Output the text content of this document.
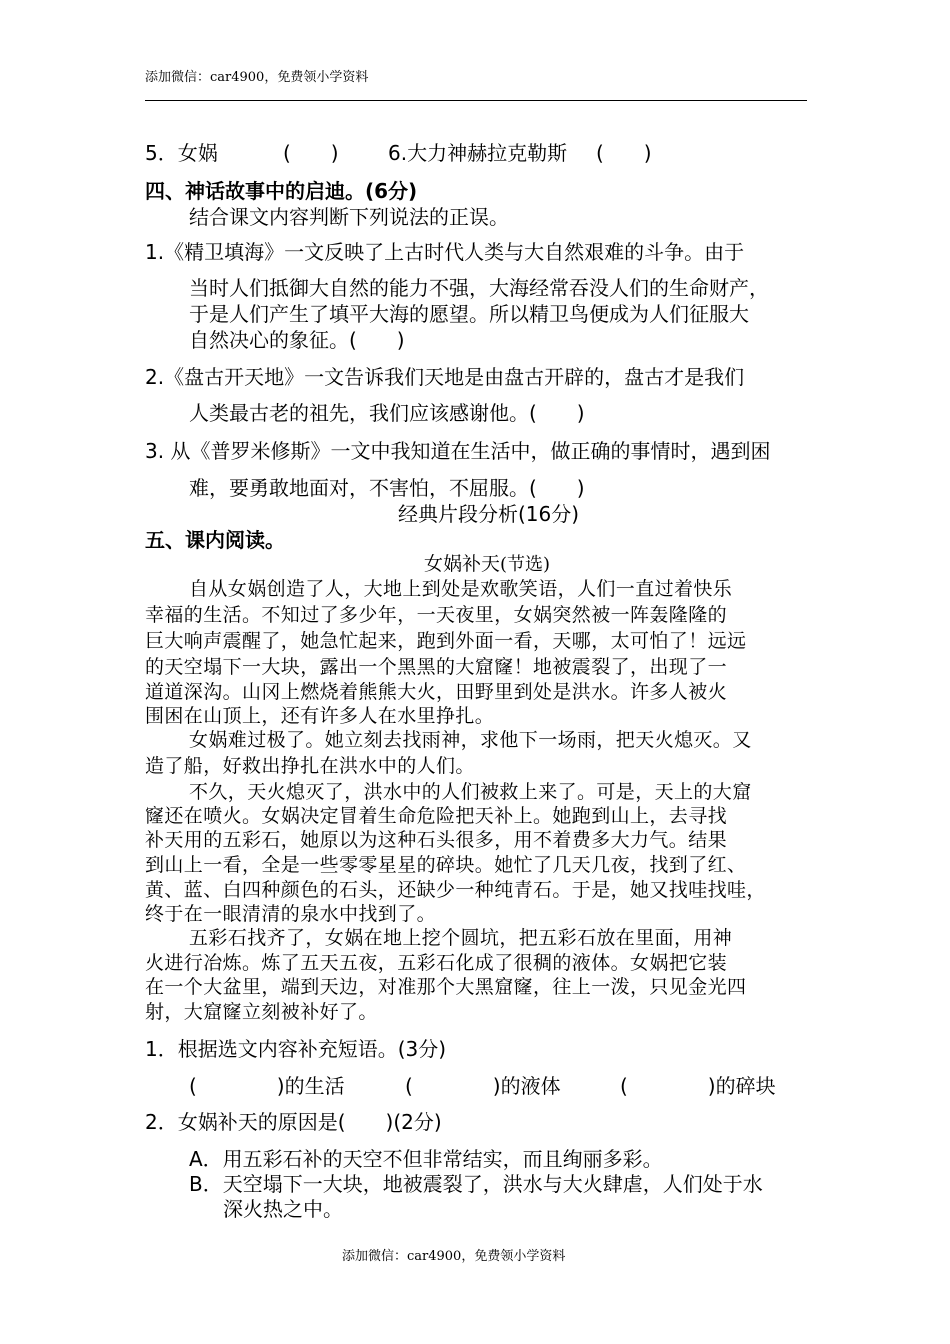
添加微信：car4900，免费领小学资料
5．女娲	(　　) 6.大力神赫拉克勒斯 (　　)
四、神话故事中的启迪。(6分)
结合课文内容判断下列说法的正误。
1.《精卫填海》一文反映了上古时代人类与大自然艰难的斗争。由于
当时人们抵御大自然的能力不强，大海经常吞没人们的生命财产，
于是人们产生了填平大海的愿望。所以精卫鸟便成为人们征服大
自然决心的象征。(　　)
2.《盘古开天地》一文告诉我们天地是由盘古开辟的，盘古才是我们
人类最古老的祖先，我们应该感谢他。(　　)
3. 从《普罗米修斯》一文中我知道在生活中，做正确的事情时，遇到困
难，要勇敢地面对，不害怕，不屈服。(　　)
经典片段分析(16分)
五、课内阅读。
女娲补天(节选)
自从女娲创造了人，大地上到处是欢歌笑语，人们一直过着快乐
幸福的生活。不知过了多少年，一天夜里，女娲突然被一阵轰隆隆的
巨大响声震醒了，她急忙起来，跑到外面一看，天哪，太可怕了！远远
的天空塌下一大块，露出一个黑黑的大窟窿！地被震裂了，出现了一
道道深沟。山冈上燃烧着熊熊大火，田野里到处是洪水。许多人被火
围困在山顶上，还有许多人在水里挣扎。
女娲难过极了。她立刻去找雨神，求他下一场雨，把天火熄灭。又
造了船，好救出挣扎在洪水中的人们。
不久，天火熄灭了，洪水中的人们被救上来了。可是，天上的大窟
窿还在喷火。女娲决定冒着生命危险把天补上。她跑到山上，去寻找
补天用的五彩石，她原以为这种石头很多，用不着费多大力气。结果
到山上一看，全是一些零零星星的碎块。她忙了几天几夜，找到了红、
黄、蓝、白四种颜色的石头，还缺少一种纯青石。于是，她又找哇找哇，
终于在一眼清清的泉水中找到了。
五彩石找齐了，女娲在地上挖个圆坑，把五彩石放在里面，用神
火进行冶炼。炼了五天五夜，五彩石化成了很稠的液体。女娲把它装
在一个大盆里，端到天边，对准那个大黑窟窿，往上一泼，只见金光四
射，大窟窿立刻被补好了。
1．根据选文内容补充短语。(3分)
(　　　　)的生活	(　　　　)的液体	(　　　　)的碎块
2．女娲补天的原因是(　　)(2分)
A．用五彩石补的天空不但非常结实，而且绚丽多彩。
B．天空塌下一大块，地被震裂了，洪水与大火肆虐，人们处于水
深火热之中。
添加微信：car4900，免费领小学资料
